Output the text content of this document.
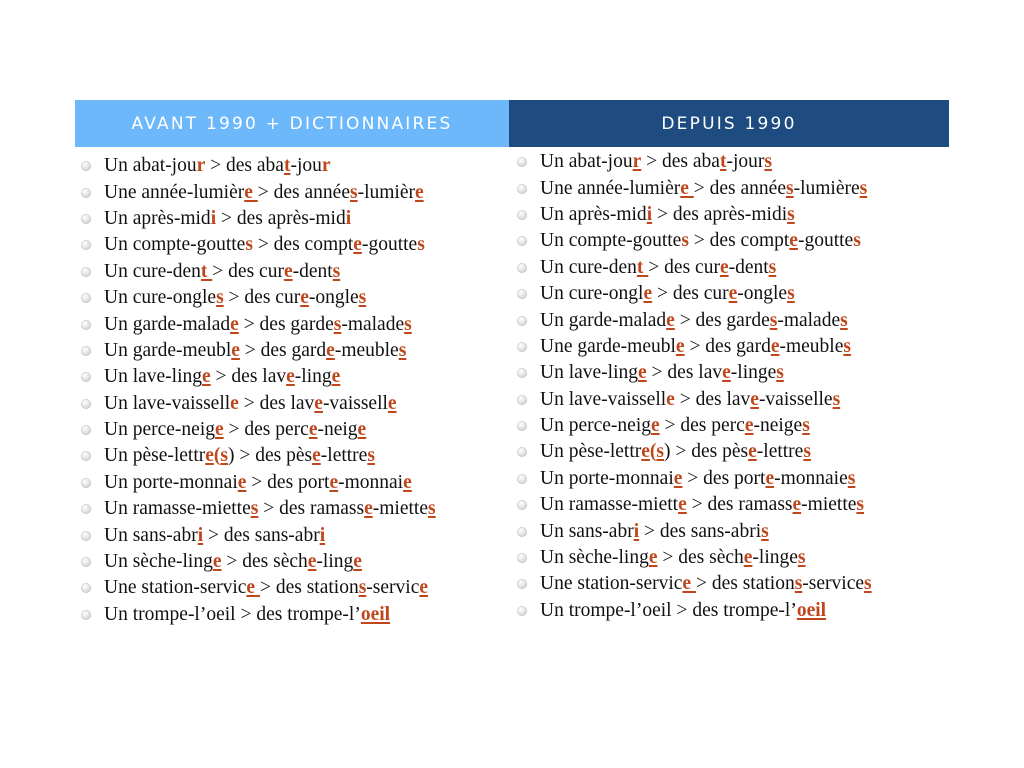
AVANT 1990 + DICTIONNAIRES	DEPUIS 1990
Un abat-jour > des abat-jour
Une année-lumière > des années-lumière
Un après-midi > des après-midi
Un compte-gouttes > des compte-gouttes
Un cure-dent > des cure-dents
Un cure-ongles > des cure-ongles
Un garde-malade > des gardes-malades
Un garde-meuble > des garde-meubles
Un lave-linge > des lave-linge
Un lave-vaisselle > des lave-vaisselle
Un perce-neige > des perce-neige
Un pèse-lettre(s) > des pèse-lettres
Un porte-monnaie > des porte-monnaie
Un ramasse-miettes > des ramasse-miettes
Un sans-abri > des sans-abri
Un sèche-linge > des sèche-linge
Une station-service > des stations-service
Un trompe-l’oeil > des trompe-l’oeil
Un abat-jour > des abat-jours
Une année-lumière > des années-lumières
Un après-midi > des après-midis
Un compte-gouttes > des compte-gouttes
Un cure-dent > des cure-dents
Un cure-ongle > des cure-ongles
Un garde-malade > des gardes-malades
Une garde-meuble > des garde-meubles
Un lave-linge > des lave-linges
Un lave-vaisselle > des lave-vaisselles
Un perce-neige > des perce-neiges
Un pèse-lettre(s) > des pèse-lettres
Un porte-monnaie > des porte-monnaies
Un ramasse-miette > des ramasse-miettes
Un sans-abri > des sans-abris
Un sèche-linge > des sèche-linges
Une station-service > des stations-services
Un trompe-l’oeil > des trompe-l’oeil
